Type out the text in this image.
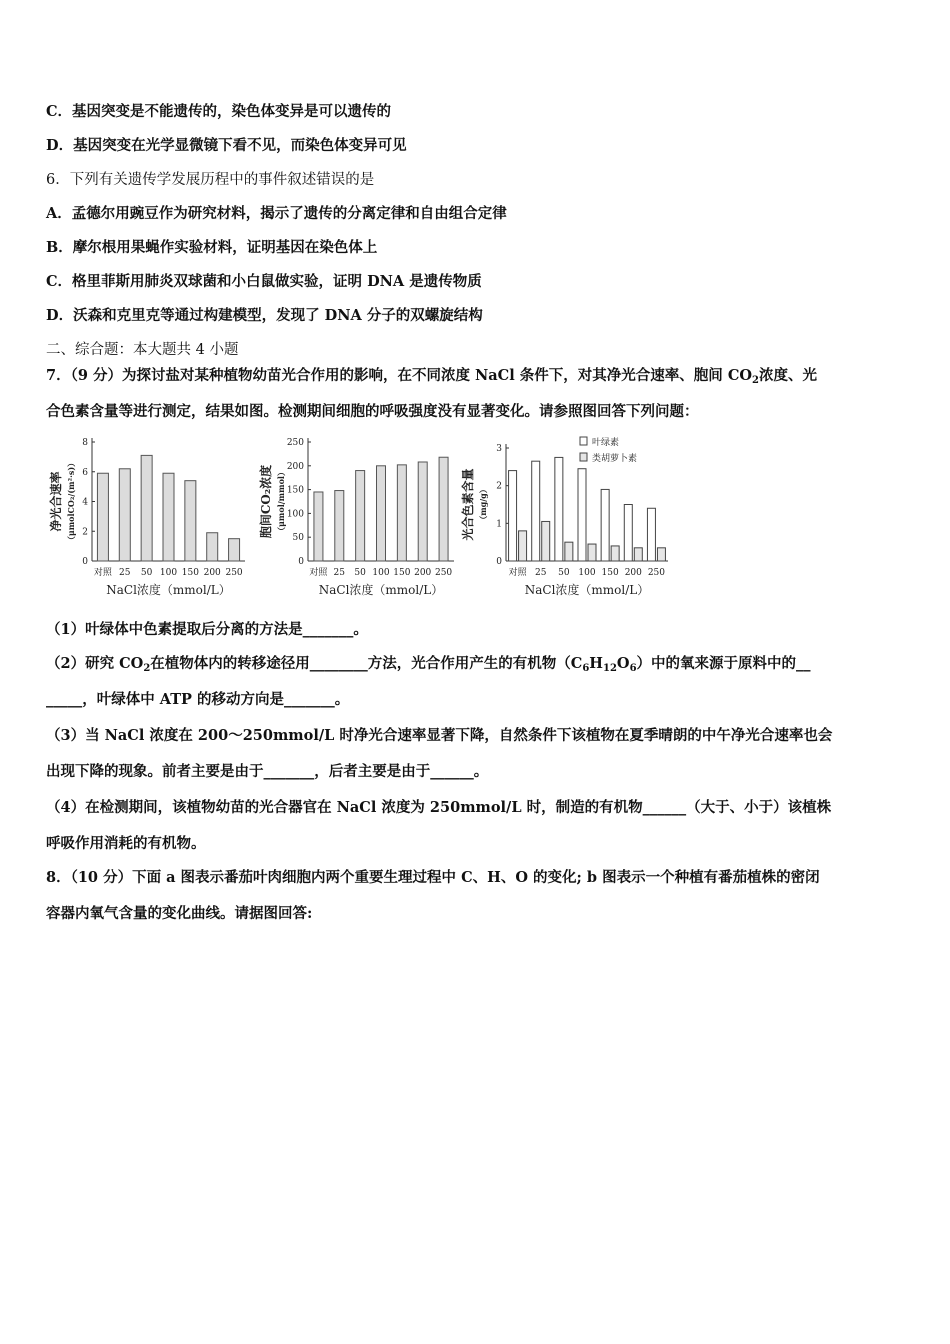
C．基因突变是不能遗传的，染色体变异是可以遗传的
D．基因突变在光学显微镜下看不见，而染色体变异可见
6．下列有关遗传学发展历程中的事件叙述错误的是
A．孟德尔用豌豆作为研究材料，揭示了遗传的分离定律和自由组合定律
B．摩尔根用果蝇作实验材料，证明基因在染色体上
C．格里菲斯用肺炎双球菌和小白鼠做实验，证明 DNA 是遗传物质
D．沃森和克里克等通过构建模型，发现了 DNA 分子的双螺旋结构
二、综合题：本大题共 4 小题
7．（9 分）为探讨盐对某种植物幼苗光合作用的影响，在不同浓度 NaCl 条件下，对其净光合速率、胞间 $CO_2$浓度、光
合色素含量等进行测定，结果如图。检测期间细胞的呼吸强度没有显著变化。请参照图回答下列问题：
0
2
4
6
8
对照 25 50 100 150 200 250
NaCl浓度（mmol/L）
净光合速率 （μmolCO₂/(m²·s)）
0
50
100
150
200
250
对照 25 50 100 150 200 250
NaCl浓度（mmol/L）
胞间CO₂浓度 （μmol/mmol）
0
1
2
3
对照 25 50 100 150 200 250
叶绿素
类胡萝卜素
NaCl浓度（mmol/L）
光合色素含量 （mg/g）
（1）叶绿体中色素提取后分离的方法是_______。
（2）研究 $CO_2$在植物体内的转移途径用________方法，光合作用产生的有机物$(C_6H_{12}O_6)$中的氧来源于原料中的__
_____，叶绿体中 ATP 的移动方向是_______。
（3）当 NaCl 浓度在 200～250mmol/L 时净光合速率显著下降，自然条件下该植物在夏季晴朗的中午净光合速率也会
出现下降的现象。前者主要是由于_______，后者主要是由于______。
（4）在检测期间，该植物幼苗的光合器官在 NaCl 浓度为 250mmol/L 时，制造的有机物______（大于、小于）该植株
呼吸作用消耗的有机物。
8．（10 分）下面 a 图表示番茄叶肉细胞内两个重要生理过程中 C、H、O 的变化; b 图表示一个种植有番茄植株的密闭
容器内氧气含量的变化曲线。请据图回答:
